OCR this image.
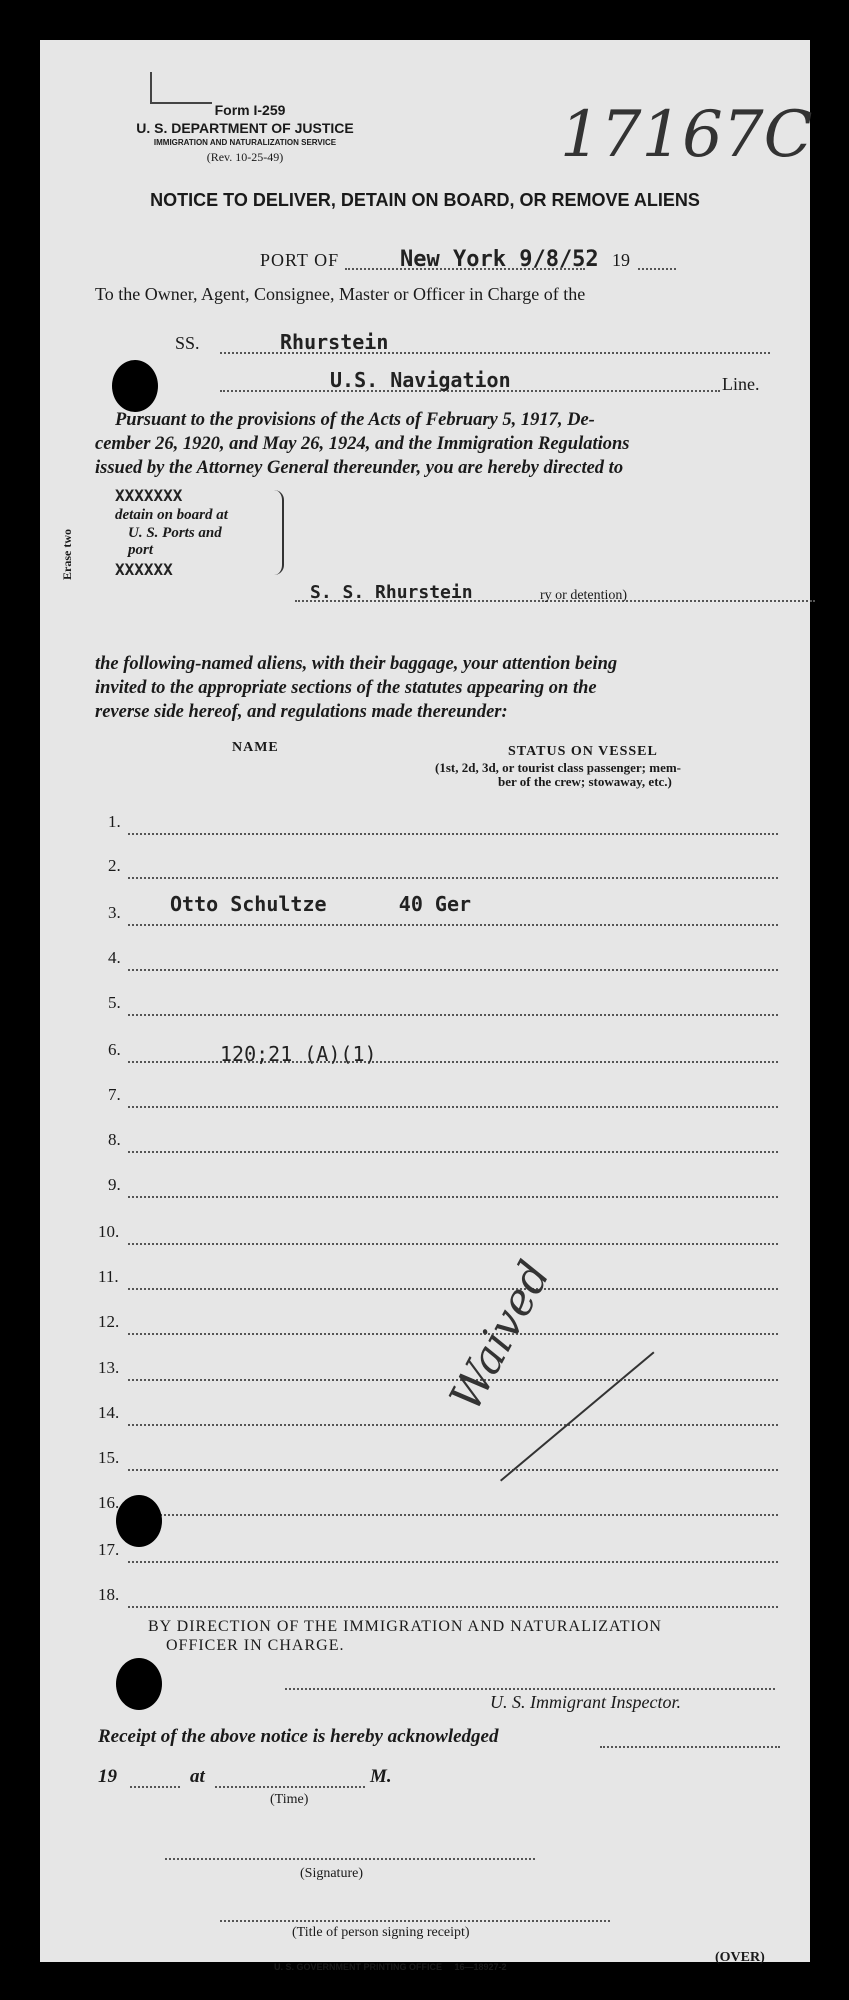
Form I-259
U. S. DEPARTMENT OF JUSTICE
IMMIGRATION AND NATURALIZATION SERVICE
(Rev. 10-25-49)	17167C
NOTICE TO DELIVER, DETAIN ON BOARD, OR REMOVE ALIENS
PORT OF	New York 9/8/52 19
To the Owner, Agent, Consignee, Master or Officer in Charge of the
SS.	Rhurstein
U.S. Navigation	Line.
Pursuant to the provisions of the Acts of February 5, 1917, De-
cember 26, 1920, and May 26, 1924, and the Immigration Regulations
issued by the Attorney General thereunder, you are hereby directed to
Erase two
XXXXXXX
detain on board at
U. S. Ports and
port
XXXXXX
S. S. Rhurstein	ry or detention)
the following-named aliens, with their baggage, your attention being
invited to the appropriate sections of the statutes appearing on the
reverse side hereof, and regulations made thereunder:
NAME	STATUS ON VESSEL
(1st, 2d, 3d, or tourist class passenger; mem-
ber of the crew; stowaway, etc.)
1.
2.
3. Otto Schultze      40 Ger
4.
5.
6.	120;21 (A)(1)
7.
8.
9.
10.
11.
12.
13.
14.
15.
16.
17.
18.
Waived
BY DIRECTION OF THE IMMIGRATION AND NATURALIZATION
OFFICER IN CHARGE.
U. S. Immigrant Inspector.
Receipt of the above notice is hereby acknowledged
19	at	M.
(Time)
(Signature)
(Title of person signing receipt)
U. S. GOVERNMENT PRINTING OFFICE     16—18927-2
(OVER)
